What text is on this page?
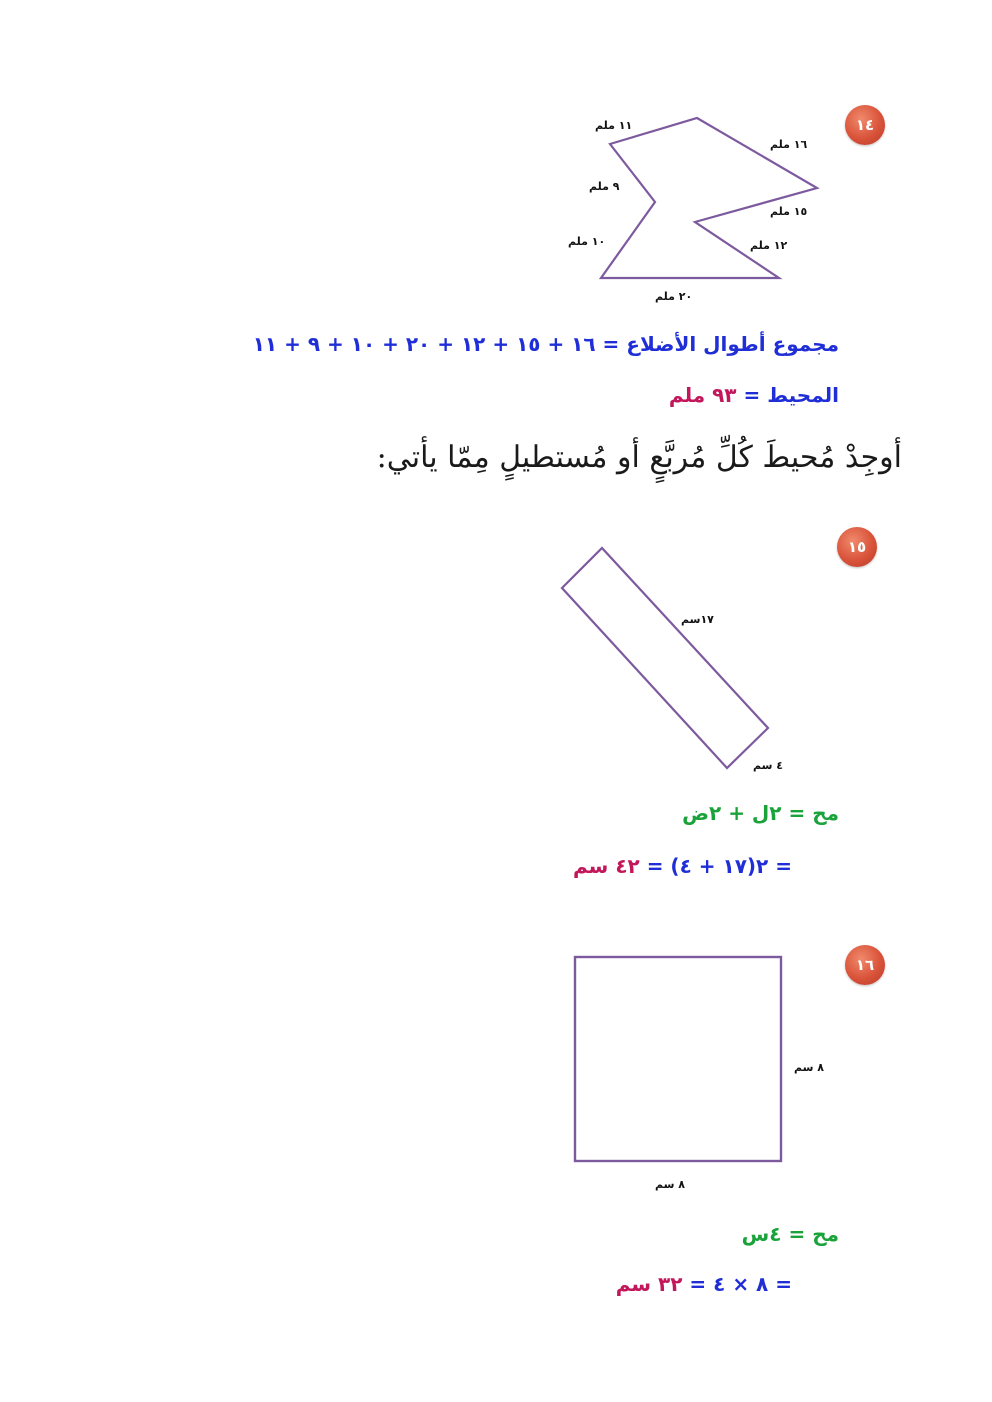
١٤
١١ ملم
١٦ ملم
٩ ملم
١٥ ملم
١٠ ملم	١٢ ملم
٢٠ ملم
مجموع أطوال الأضلاع = ١٦ + ١٥ + ١٢ + ٢٠ + ١٠ + ٩ + ١١
المحيط = ٩٣ ملم
أوجِدْ مُحيطَ كُلِّ مُربَّعٍ أو مُستطيلٍ مِمّا يأتي:
١٥
١٧سم
٤ سم
مح = ٢ل + ٢ض
= ٢(١٧ + ٤) = ٤٢ سم
١٦
٨ سم
٨ سم
مح = ٤س
= ٨ × ٤ = ٣٢ سم
